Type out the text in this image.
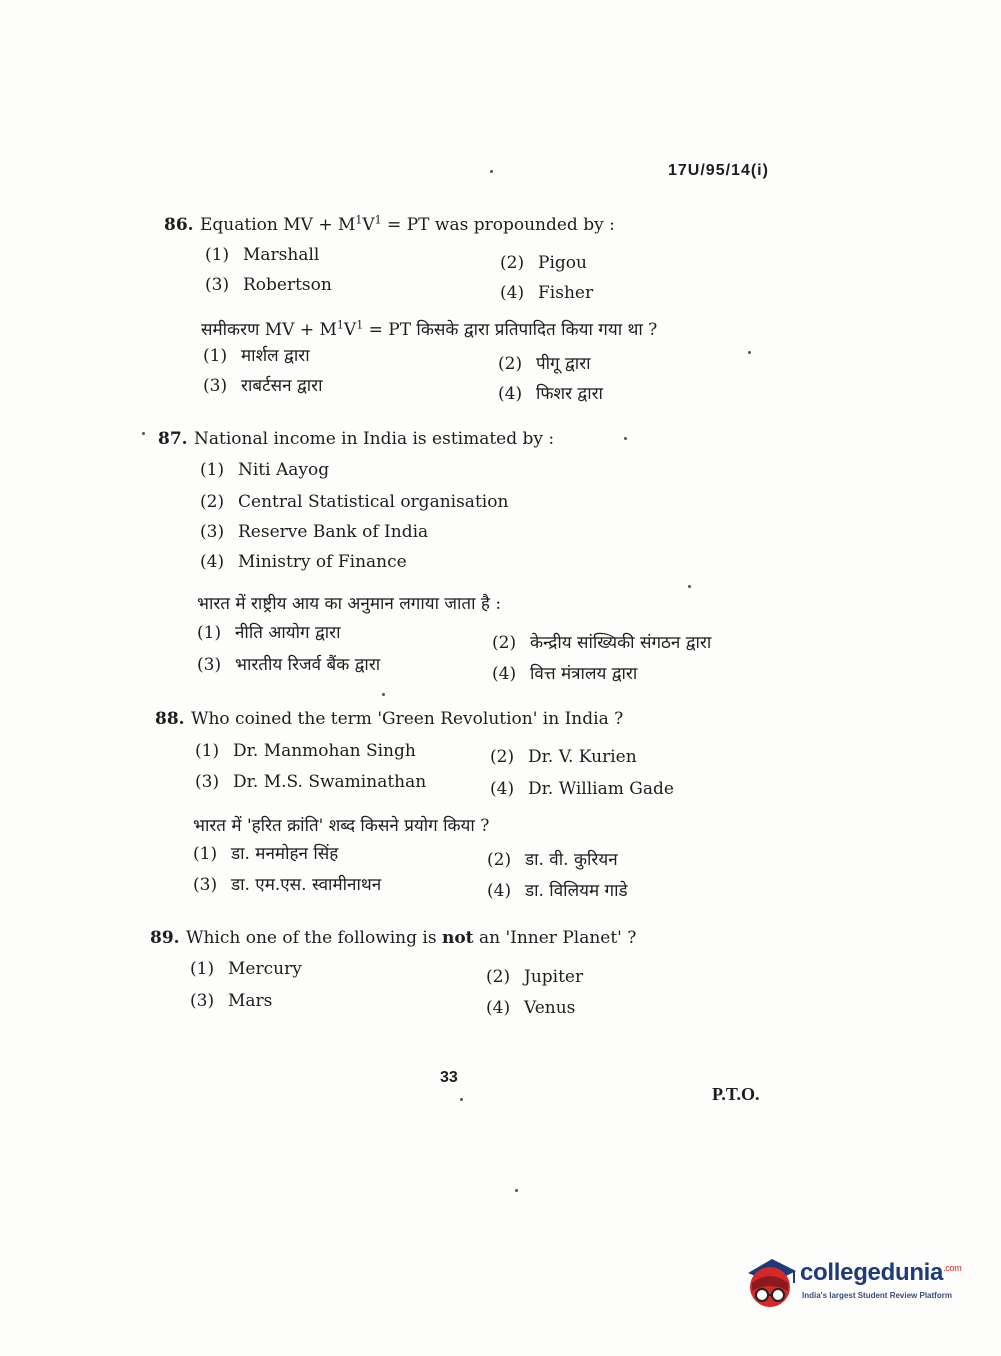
17U/95/14(i)
86. Equation MV + $M^1V^1$ = PT was propounded by :
(1) Marshall	(2) Pigou
(3) Robertson	(4) Fisher
समीकरण MV + $M^1V^1$ = PT किसके द्वारा प्रतिपादित किया गया था ?
(1) मार्शल द्वारा	(2) पीगू द्वारा
(3) राबर्टसन द्वारा	(4) फिशर द्वारा
87. National income in India is estimated by :
(1) Niti Aayog
(2) Central Statistical organisation
(3) Reserve Bank of India
(4) Ministry of Finance
भारत में राष्ट्रीय आय का अनुमान लगाया जाता है :
(1) नीति आयोग द्वारा	(2) केन्द्रीय सांख्यिकी संगठन द्वारा
(3) भारतीय रिजर्व बैंक द्वारा	(4) वित्त मंत्रालय द्वारा
88. Who coined the term 'Green Revolution' in India ?
(1) Dr. Manmohan Singh	(2) Dr. V. Kurien
(3) Dr. M.S. Swaminathan	(4) Dr. William Gade
भारत में 'हरित क्रांति' शब्द किसने प्रयोग किया ?
(1) डा. मनमोहन सिंह	(2) डा. वी. कुरियन
(3) डा. एम.एस. स्वामीनाथन	(4) डा. विलियम गाडे
89. Which one of the following is not an 'Inner Planet' ?
(1) Mercury	(2) Jupiter
(3) Mars	(4) Venus
33
P.T.O.
collegedunia$^{.com}$
India's largest Student Review Platform
